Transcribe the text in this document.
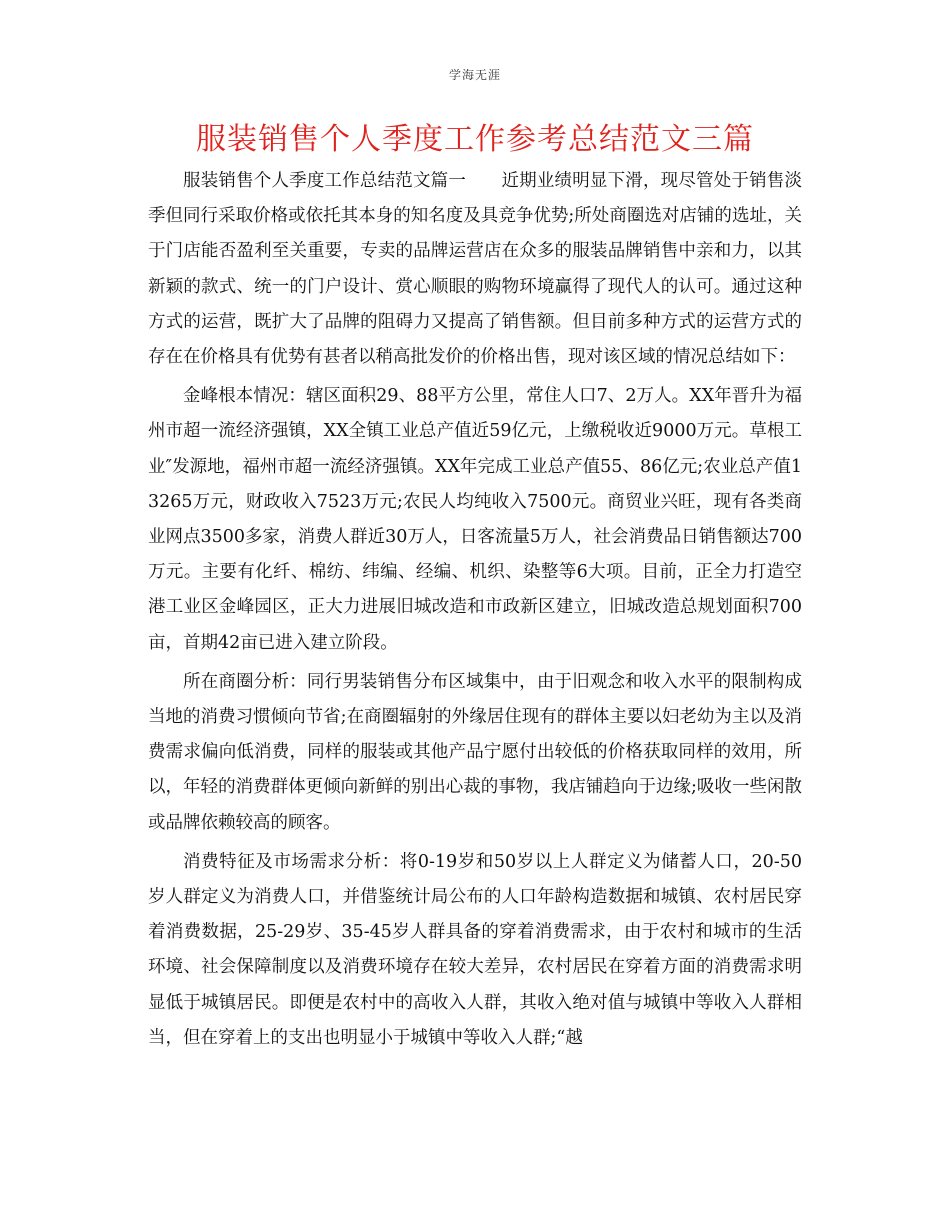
学海无涯
服装销售个人季度工作参考总结范文三篇

服装销售个人季度工作总结范文篇一　　近期业绩明显下滑，现尽管处于销售淡季但同行采取价格或依托其本身的知名度及具竞争优势;所处商圈选对店铺的选址，关于门店能否盈利至关重要，专卖的品牌运营店在众多的服装品牌销售中亲和力，以其新颖的款式、统一的门户设计、赏心顺眼的购物环境赢得了现代人的认可。通过这种方式的运营，既扩大了品牌的阻碍力又提高了销售额。但目前多种方式的运营方式的存在在价格具有优势有甚者以稍高批发价的价格出售，现对该区域的情况总结如下：

金峰根本情况：辖区面积29、88平方公里，常住人口7、2万人。XX年晋升为福州市超一流经济强镇，XX全镇工业总产值近59亿元，上缴税收近9000万元。草根工业″发源地，福州市超一流经济强镇。XX年完成工业总产值55、86亿元;农业总产值13265万元，财政收入7523万元;农民人均纯收入7500元。商贸业兴旺，现有各类商业网点3500多家，消费人群近30万人，日客流量5万人，社会消费品日销售额达700万元。主要有化纤、棉纺、纬编、经编、机织、染整等6大项。目前，正全力打造空港工业区金峰园区，正大力进展旧城改造和市政新区建立，旧城改造总规划面积700亩，首期42亩已进入建立阶段。

所在商圈分析：同行男装销售分布区域集中，由于旧观念和收入水平的限制构成当地的消费习惯倾向节省;在商圈辐射的外缘居住现有的群体主要以妇老幼为主以及消费需求偏向低消费，同样的服装或其他产品宁愿付出较低的价格获取同样的效用，所以，年轻的消费群体更倾向新鲜的别出心裁的事物，我店铺趋向于边缘;吸收一些闲散或品牌依赖较高的顾客。

消费特征及市场需求分析：将0-19岁和50岁以上人群定义为储蓄人口，20-50岁人群定义为消费人口，并借鉴统计局公布的人口年龄构造数据和城镇、农村居民穿着消费数据，25-29岁、35-45岁人群具备的穿着消费需求，由于农村和城市的生活环境、社会保障制度以及消费环境存在较大差异，农村居民在穿着方面的消费需求明显低于城镇居民。即便是农村中的高收入人群，其收入绝对值与城镇中等收入人群相当，但在穿着上的支出也明显小于城镇中等收入人群;“越
